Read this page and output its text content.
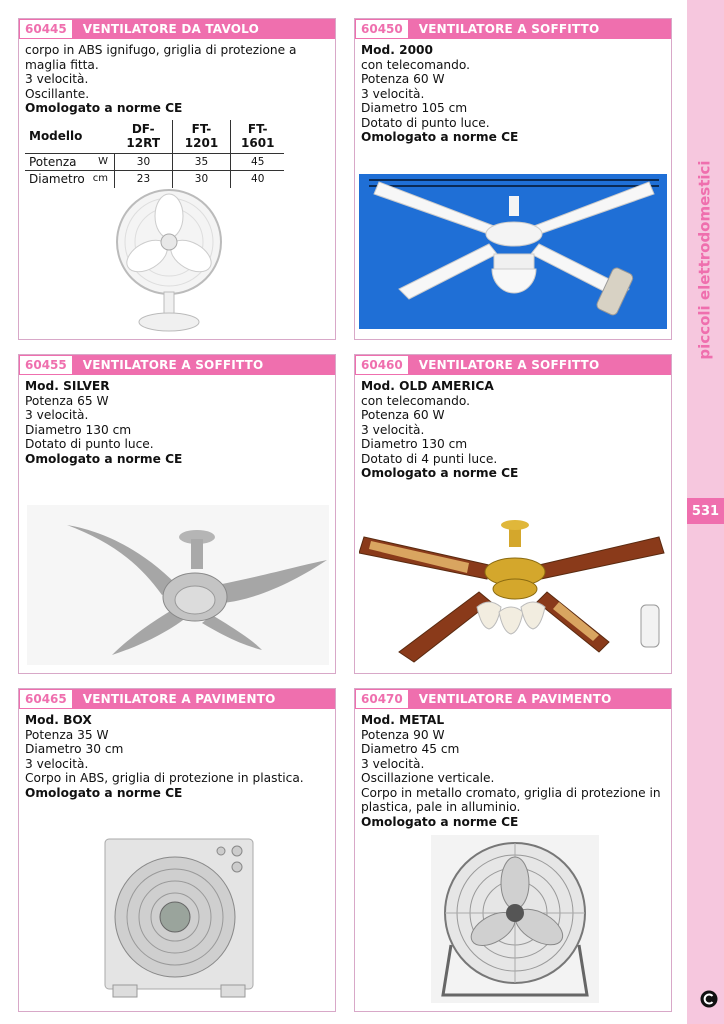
60445	VENTILATORE DA TAVOLO
corpo in ABS ignifugo, griglia di protezione a maglia fitta.
3 velocità.
Oscillante.
Omologato a norme CE
Modello		DF-12RT	FT-1201	FT-1601
Potenza	W	30	35	45
Diametro	cm	23	30	40
60450	VENTILATORE A SOFFITTO
Mod. 2000
con telecomando.
Potenza 60 W
3 velocità.
Diametro 105 cm
Dotato di punto luce.
Omologato a norme CE
60455	VENTILATORE A SOFFITTO
Mod. SILVER
Potenza 65 W
3 velocità.
Diametro 130 cm
Dotato di punto luce.
Omologato a norme CE
60460	VENTILATORE A SOFFITTO
Mod. OLD AMERICA
con telecomando.
Potenza 60 W
3 velocità.
Diametro 130 cm
Dotato di 4 punti luce.
Omologato a norme CE
60465	VENTILATORE A PAVIMENTO
Mod. BOX
Potenza 35 W
Diametro 30 cm
3 velocità.
Corpo in ABS, griglia di protezione in plastica.
Omologato a norme CE
60470	VENTILATORE A PAVIMENTO
Mod. METAL
Potenza 90 W
Diametro 45 cm
3 velocità.
Oscillazione verticale.
Corpo in metallo cromato, griglia di protezione in plastica, pale in alluminio.
Omologato a norme CE
piccoli elettrodomestici
531
